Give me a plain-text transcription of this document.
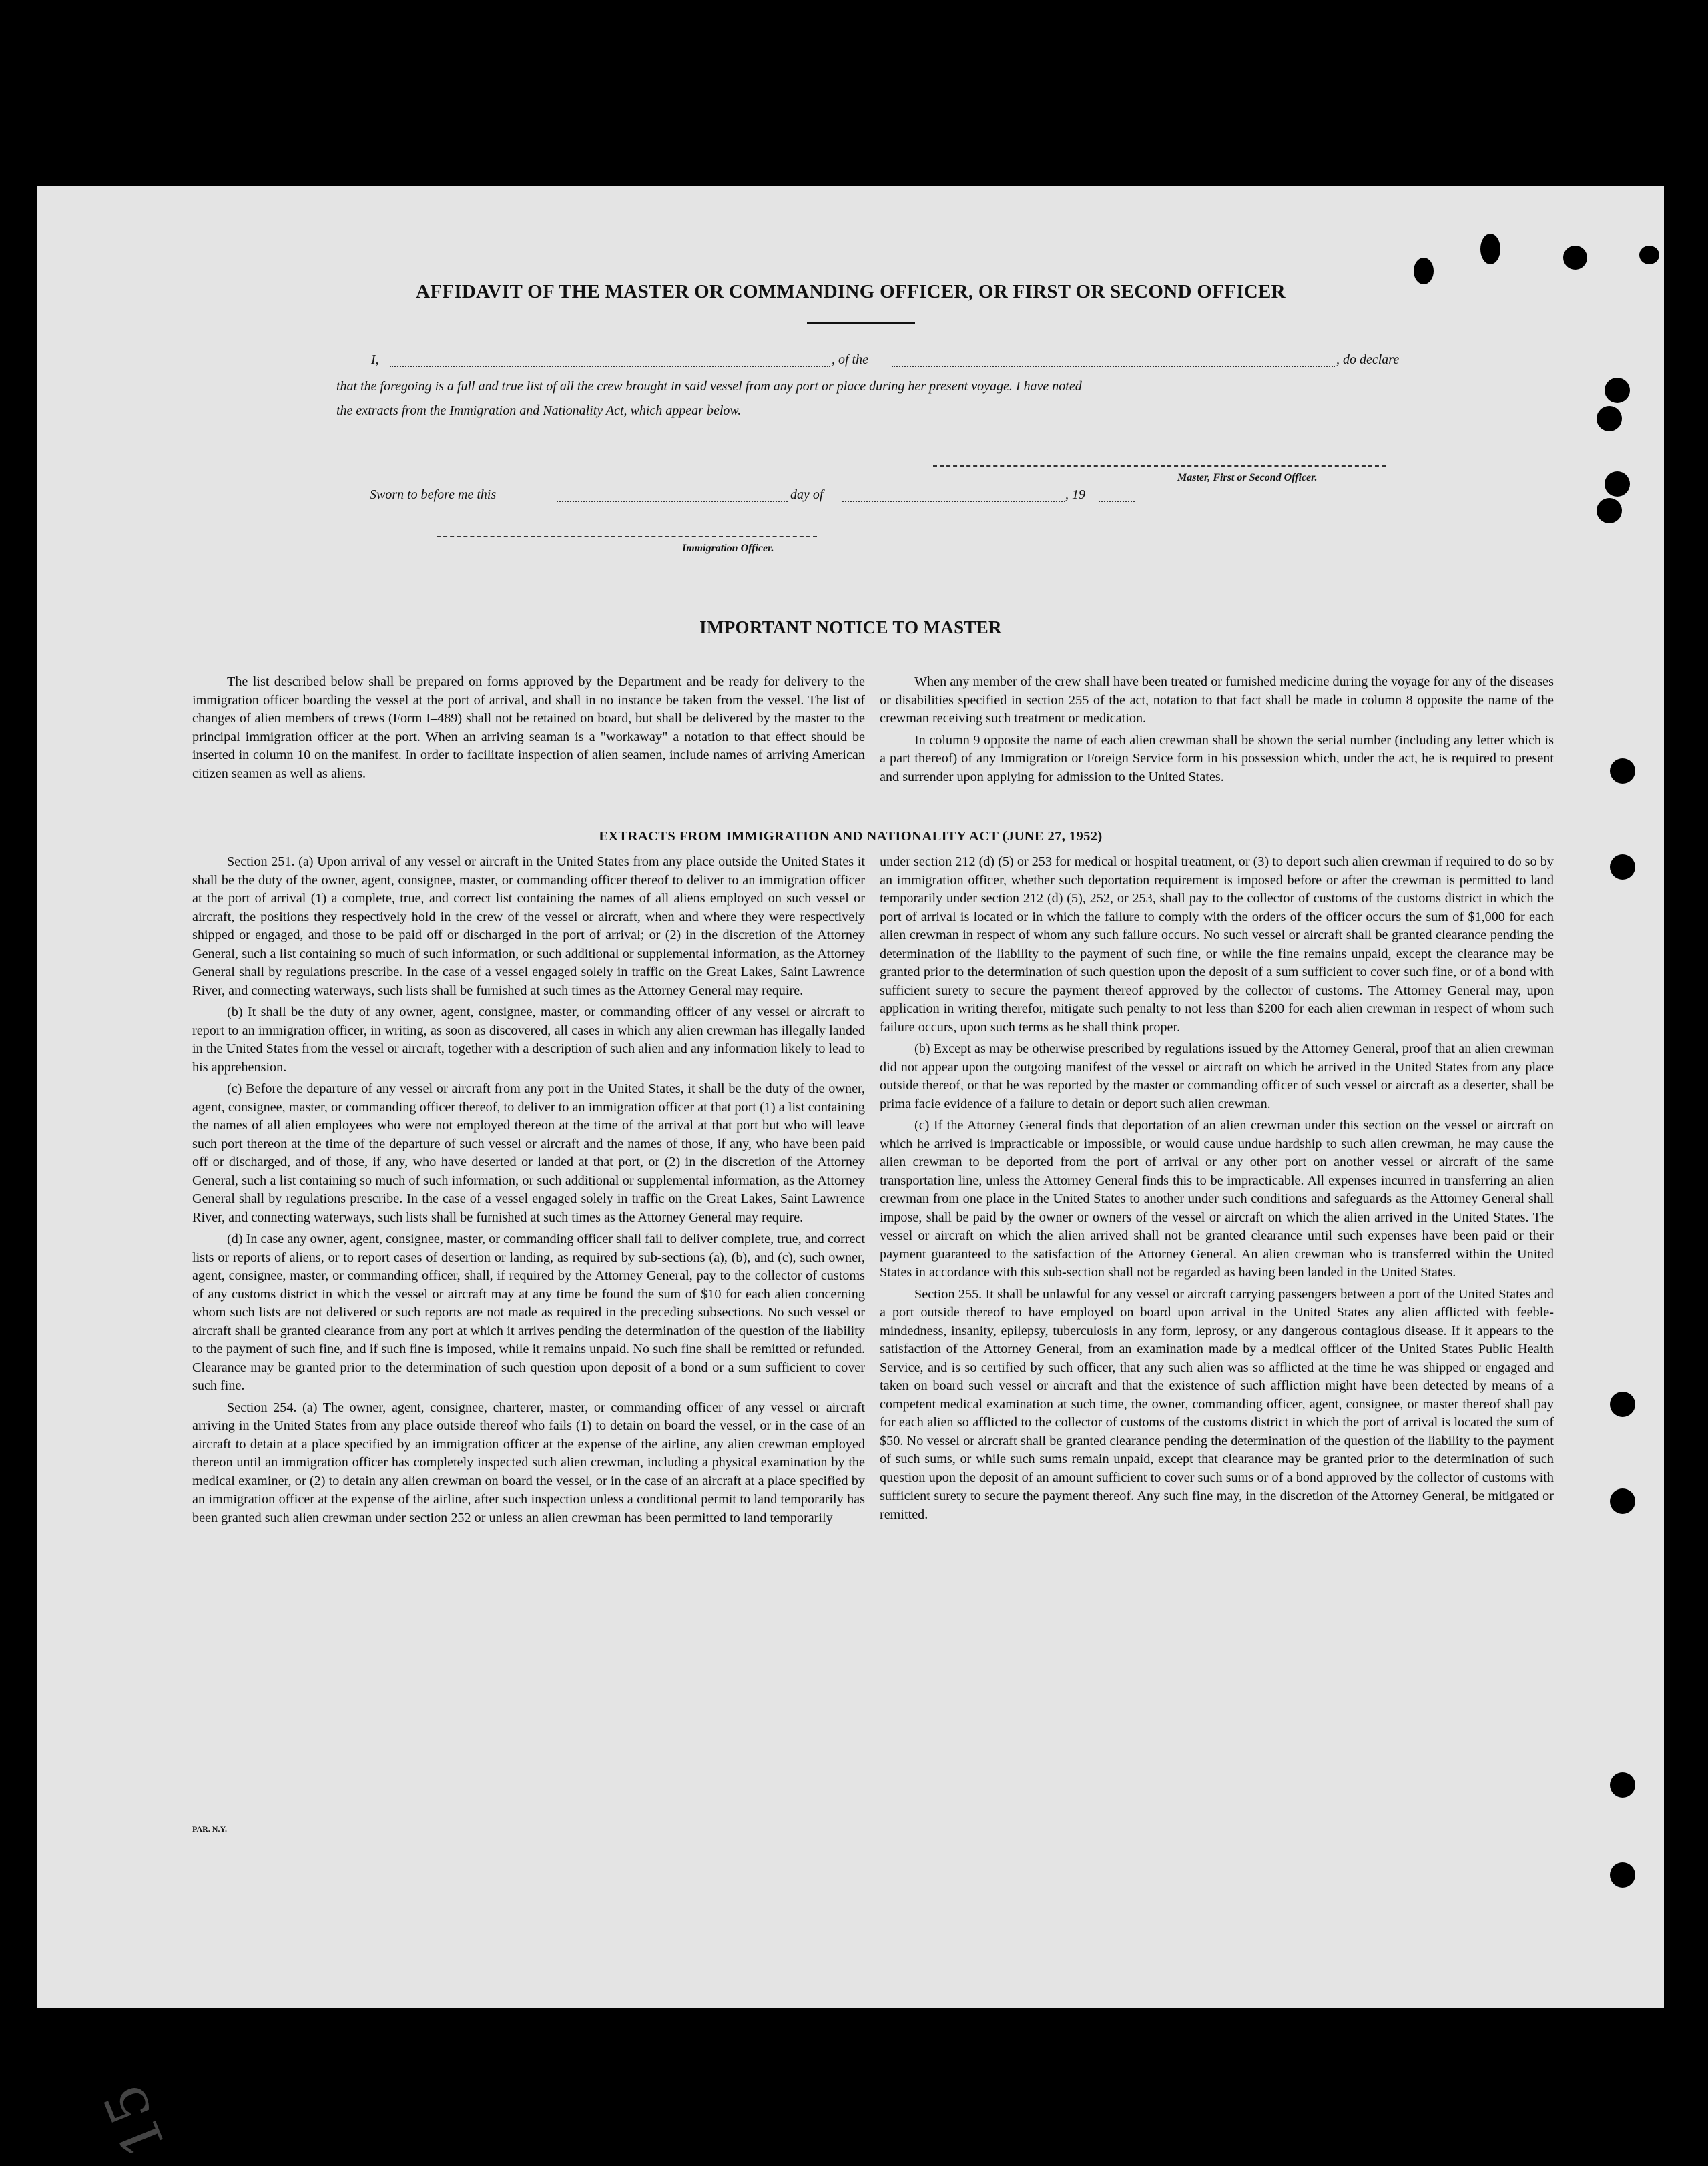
AFFIDAVIT OF THE MASTER OR COMMANDING OFFICER, OR FIRST OR SECOND OFFICER
I,	, of the	, do declare
that the foregoing is a full and true list of all the crew brought in said vessel from any port or place during her present voyage. I have noted
the extracts from the Immigration and Nationality Act, which appear below.
Master, First or Second Officer.
Sworn to before me this	day of	, 19
Immigration Officer.
IMPORTANT NOTICE TO MASTER

The list described below shall be prepared on forms approved by the Department and be ready for delivery to the immigration officer boarding the vessel at the port of arrival, and shall in no instance be taken from the vessel. The list of changes of alien members of crews (Form I–489) shall not be retained on board, but shall be delivered by the master to the principal immigration officer at the port. When an arriving seaman is a "workaway" a notation to that effect should be inserted in column 10 on the manifest. In order to facilitate inspection of alien seamen, include names of arriving American citizen seamen as well as aliens.

When any member of the crew shall have been treated or furnished medicine during the voyage for any of the diseases or disabilities specified in section 255 of the act, notation to that fact shall be made in column 8 opposite the name of the crewman receiving such treatment or medication.

In column 9 opposite the name of each alien crewman shall be shown the serial number (including any letter which is a part thereof) of any Immigration or Foreign Service form in his possession which, under the act, he is required to present and surrender upon applying for admission to the United States.

EXTRACTS FROM IMMIGRATION AND NATIONALITY ACT (JUNE 27, 1952)

Section 251. (a) Upon arrival of any vessel or aircraft in the United States from any place outside the United States it shall be the duty of the owner, agent, consignee, master, or commanding officer thereof to deliver to an immigration officer at the port of arrival (1) a complete, true, and correct list containing the names of all aliens employed on such vessel or aircraft, the positions they respectively hold in the crew of the vessel or aircraft, when and where they were respectively shipped or engaged, and those to be paid off or discharged in the port of arrival; or (2) in the discretion of the Attorney General, such a list containing so much of such information, or such additional or supplemental information, as the Attorney General shall by regulations prescribe. In the case of a vessel engaged solely in traffic on the Great Lakes, Saint Lawrence River, and connecting waterways, such lists shall be furnished at such times as the Attorney General may require.

(b) It shall be the duty of any owner, agent, consignee, master, or commanding officer of any vessel or aircraft to report to an immigration officer, in writing, as soon as discovered, all cases in which any alien crewman has illegally landed in the United States from the vessel or aircraft, together with a description of such alien and any information likely to lead to his apprehension.

(c) Before the departure of any vessel or aircraft from any port in the United States, it shall be the duty of the owner, agent, consignee, master, or commanding officer thereof, to deliver to an immigration officer at that port (1) a list containing the names of all alien employees who were not employed thereon at the time of the arrival at that port but who will leave such port thereon at the time of the departure of such vessel or aircraft and the names of those, if any, who have been paid off or discharged, and of those, if any, who have deserted or landed at that port, or (2) in the discretion of the Attorney General, such a list containing so much of such information, or such additional or supplemental information, as the Attorney General shall by regulations prescribe. In the case of a vessel engaged solely in traffic on the Great Lakes, Saint Lawrence River, and connecting waterways, such lists shall be furnished at such times as the Attorney General may require.

(d) In case any owner, agent, consignee, master, or commanding officer shall fail to deliver complete, true, and correct lists or reports of aliens, or to report cases of desertion or landing, as required by sub-sections (a), (b), and (c), such owner, agent, consignee, master, or commanding officer, shall, if required by the Attorney General, pay to the collector of customs of any customs district in which the vessel or aircraft may at any time be found the sum of $10 for each alien concerning whom such lists are not delivered or such reports are not made as required in the preceding subsections. No such vessel or aircraft shall be granted clearance from any port at which it arrives pending the determination of the question of the liability to the payment of such fine, and if such fine is imposed, while it remains unpaid. No such fine shall be remitted or refunded. Clearance may be granted prior to the determination of such question upon deposit of a bond or a sum sufficient to cover such fine.

Section 254. (a) The owner, agent, consignee, charterer, master, or commanding officer of any vessel or aircraft arriving in the United States from any place outside thereof who fails (1) to detain on board the vessel, or in the case of an aircraft to detain at a place specified by an immigration officer at the expense of the airline, any alien crewman employed thereon until an immigration officer has completely inspected such alien crewman, including a physical examination by the medical examiner, or (2) to detain any alien crewman on board the vessel, or in the case of an aircraft at a place specified by an immigration officer at the expense of the airline, after such inspection unless a conditional permit to land temporarily has been granted such alien crewman under section 252 or unless an alien crewman has been permitted to land temporarily

under section 212 (d) (5) or 253 for medical or hospital treatment, or (3) to deport such alien crewman if required to do so by an immigration officer, whether such deportation requirement is imposed before or after the crewman is permitted to land temporarily under section 212 (d) (5), 252, or 253, shall pay to the collector of customs of the customs district in which the port of arrival is located or in which the failure to comply with the orders of the officer occurs the sum of $1,000 for each alien crewman in respect of whom any such failure occurs. No such vessel or aircraft shall be granted clearance pending the determination of the liability to the payment of such fine, or while the fine remains unpaid, except the clearance may be granted prior to the determination of such question upon the deposit of a sum sufficient to cover such fine, or of a bond with sufficient surety to secure the payment thereof approved by the collector of customs. The Attorney General may, upon application in writing therefor, mitigate such penalty to not less than $200 for each alien crewman in respect of whom such failure occurs, upon such terms as he shall think proper.

(b) Except as may be otherwise prescribed by regulations issued by the Attorney General, proof that an alien crewman did not appear upon the outgoing manifest of the vessel or aircraft on which he arrived in the United States from any place outside thereof, or that he was reported by the master or commanding officer of such vessel or aircraft as a deserter, shall be prima facie evidence of a failure to detain or deport such alien crewman.

(c) If the Attorney General finds that deportation of an alien crewman under this section on the vessel or aircraft on which he arrived is impracticable or impossible, or would cause undue hardship to such alien crewman, he may cause the alien crewman to be deported from the port of arrival or any other port on another vessel or aircraft of the same transportation line, unless the Attorney General finds this to be impracticable. All expenses incurred in transferring an alien crewman from one place in the United States to another under such conditions and safeguards as the Attorney General shall impose, shall be paid by the owner or owners of the vessel or aircraft on which the alien arrived in the United States. The vessel or aircraft on which the alien arrived shall not be granted clearance until such expenses have been paid or their payment guaranteed to the satisfaction of the Attorney General. An alien crewman who is transferred within the United States in accordance with this sub-section shall not be regarded as having been landed in the United States.

Section 255. It shall be unlawful for any vessel or aircraft carrying passengers between a port of the United States and a port outside thereof to have employed on board upon arrival in the United States any alien afflicted with feeble-mindedness, insanity, epilepsy, tuberculosis in any form, leprosy, or any dangerous contagious disease. If it appears to the satisfaction of the Attorney General, from an examination made by a medical officer of the United States Public Health Service, and is so certified by such officer, that any such alien was so afflicted at the time he was shipped or engaged and taken on board such vessel or aircraft and that the existence of such affliction might have been detected by means of a competent medical examination at such time, the owner, commanding officer, agent, consignee, or master thereof shall pay for each alien so afflicted to the collector of customs of the customs district in which the port of arrival is located the sum of $50. No vessel or aircraft shall be granted clearance pending the determination of the question of the liability to the payment of such sums, or while such sums remain unpaid, except that clearance may be granted prior to the determination of such question upon the deposit of an amount sufficient to cover such sums or of a bond approved by the collector of customs with sufficient surety to secure the payment thereof. Any such fine may, in the discretion of the Attorney General, be mitigated or remitted.

PAR. N.Y.
15
